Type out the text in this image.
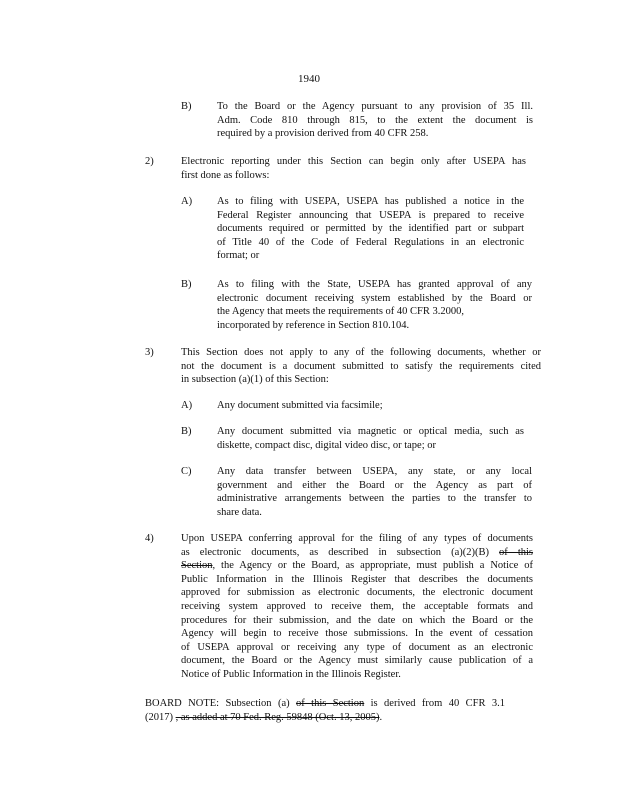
1940
B) To the Board or the Agency pursuant to any provision of 35 Ill.
Adm. Code 810 through 815, to the extent the document is
required by a provision derived from 40 CFR 258.
2)	Electronic reporting under this Section can begin only after USEPA has
first done as follows:
A) As to filing with USEPA, USEPA has published a notice in the
Federal Register announcing that USEPA is prepared to receive
documents required or permitted by the identified part or subpart
of Title 40 of the Code of Federal Regulations in an electronic
format; or
B) As to filing with the State, USEPA has granted approval of any
electronic document receiving system established by the Board or
the Agency that meets the requirements of 40 CFR 3.2000,
incorporated by reference in Section 810.104.
3)	This Section does not apply to any of the following documents, whether or
not the document is a document submitted to satisfy the requirements cited
in subsection (a)(1) of this Section:
A) Any document submitted via facsimile;
B) Any document submitted via magnetic or optical media, such as
diskette, compact disc, digital video disc, or tape; or
C) Any data transfer between USEPA, any state, or any local
government and either the Board or the Agency as part of
administrative arrangements between the parties to the transfer to
share data.
4)	Upon USEPA conferring approval for the filing of any types of documents
as electronic documents, as described in subsection (a)(2)(B) of this
Section, the Agency or the Board, as appropriate, must publish a Notice of
Public Information in the Illinois Register that describes the documents
approved for submission as electronic documents, the electronic document
receiving system approved to receive them, the acceptable formats and
procedures for their submission, and the date on which the Board or the
Agency will begin to receive those submissions. In the event of cessation
of USEPA approval or receiving any type of document as an electronic
document, the Board or the Agency must similarly cause publication of a
Notice of Public Information in the Illinois Register.
BOARD NOTE: Subsection (a) of this Section is derived from 40 CFR 3.1
(2017) , as added at 70 Fed. Reg. 59848 (Oct. 13, 2005).
